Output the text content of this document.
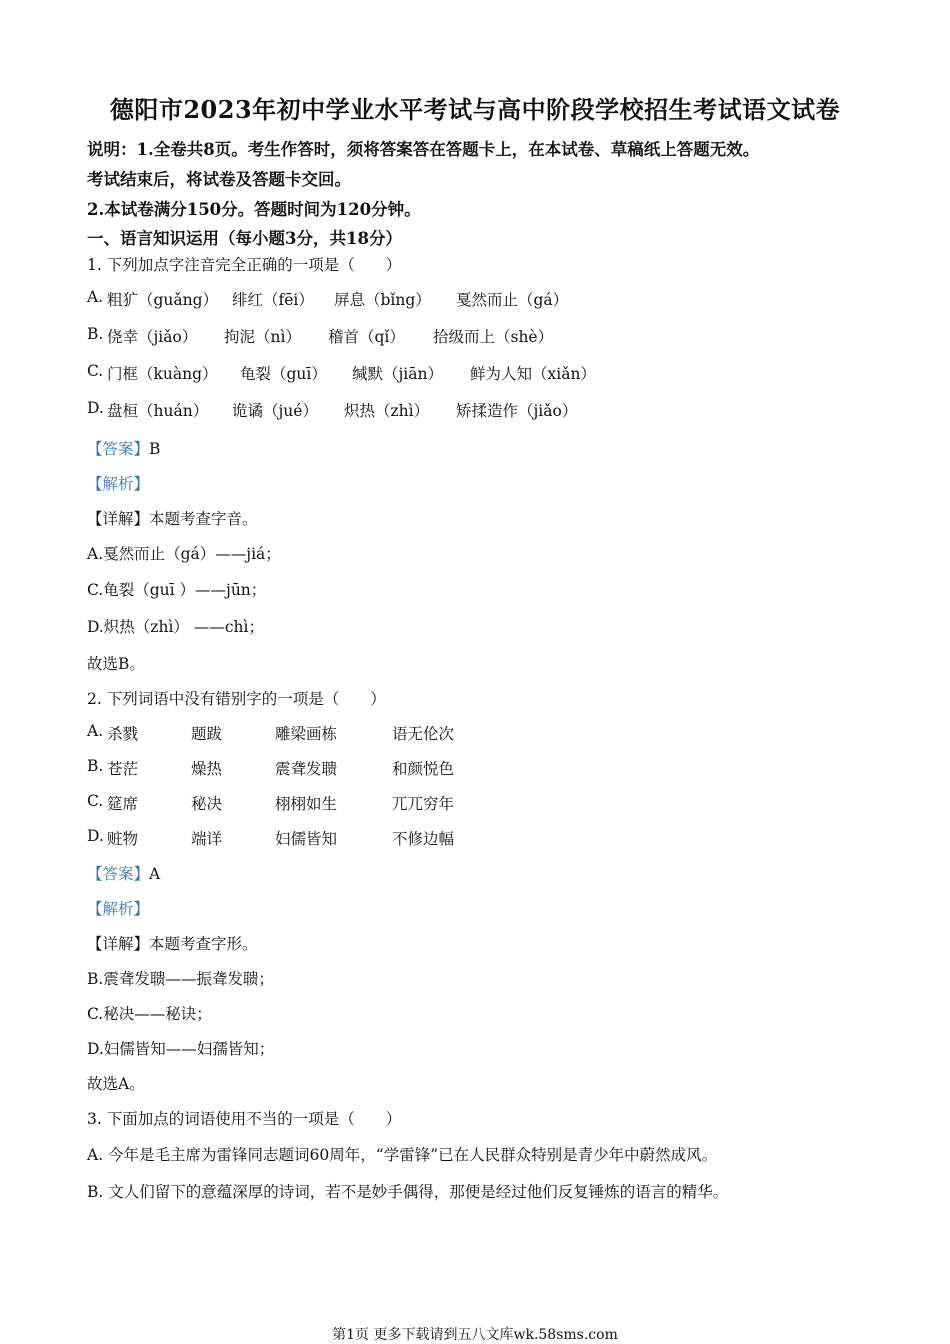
德阳市2023年初中学业水平考试与高中阶段学校招生考试语文试卷
说明：1.全卷共8页。考生作答时，须将答案答在答题卡上，在本试卷、草稿纸上答题无效。
考试结束后，将试卷及答题卡交回。
2.本试卷满分150分。答题时间为120分钟。
一、语言知识运用（每小题3分，共18分）
1. 下列加点字注音完全正确的一项是（　　）
A. 粗犷（guǎng） 绯红（fēi） 屏息（bǐng） 戛然而止（gá）
B. 侥幸（jiǎo） 拘泥（nì） 稽首（qǐ） 拾级而上（shè）
C. 门框（kuàng） 龟裂（guī） 缄默（jiān） 鲜为人知（xiǎn）
D. 盘桓（huán） 诡谲（jué） 炽热（zhì） 矫揉造作（jiǎo）
【答案】B
【解析】
【详解】本题考查字音。
A.戛然而止（gá）——jiá；
C.龟裂（guī ）——jūn；
D.炽热（zhì） ——chì；
故选B。
2. 下列词语中没有错别字的一项是（　　）
A. 杀戮	题跋	雕梁画栋	语无伦次
B. 苍茫	燥热	震聋发聩	和颜悦色
C. 筵席	秘决	栩栩如生	兀兀穷年
D. 赃物	端详	妇儒皆知	不修边幅
【答案】A
【解析】
【详解】本题考查字形。
B.震聋发聩——振聋发聩；
C.秘决——秘诀；
D.妇儒皆知——妇孺皆知；
故选A。
3. 下面加点的词语使用不当的一项是（　　）
A. 今年是毛主席为雷锋同志题词60周年，“学雷锋”已在人民群众特别是青少年中蔚然成风。
B. 文人们留下的意蕴深厚的诗词，若不是妙手偶得，那便是经过他们反复锤炼的语言的精华。
第1页 更多下载请到五八文库wk.58sms.com
